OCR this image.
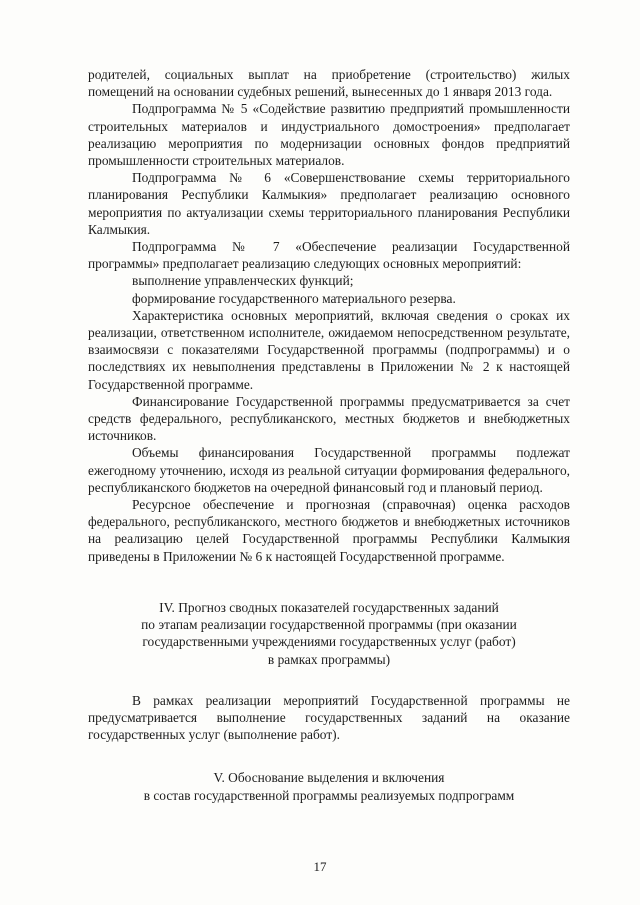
родителей, социальных выплат на приобретение (строительство) жилых помещений на основании судебных решений, вынесенных до 1 января 2013 года.

Подпрограмма № 5 «Содействие развитию предприятий промышленности строительных материалов и индустриального домостроения» предполагает реализацию мероприятия по модернизации основных фондов предприятий промышленности строительных материалов.

Подпрограмма № 6 «Совершенствование схемы территориального планирования Республики Калмыкия» предполагает реализацию основного мероприятия по актуализации схемы территориального планирования Республики Калмыкия.

Подпрограмма № 7 «Обеспечение реализации Государственной программы» предполагает реализацию следующих основных мероприятий:

выполнение управленческих функций;

формирование государственного материального резерва.

Характеристика основных мероприятий, включая сведения о сроках их реализации, ответственном исполнителе, ожидаемом непосредственном результате, взаимосвязи с показателями Государственной программы (подпрограммы) и о последствиях их невыполнения представлены в Приложении № 2 к настоящей Государственной программе.

Финансирование Государственной программы предусматривается за счет средств федерального, республиканского, местных бюджетов и внебюджетных источников.

Объемы финансирования Государственной программы подлежат ежегодному уточнению, исходя из реальной ситуации формирования федерального, республиканского бюджетов на очередной финансовый год и плановый период.

Ресурсное обеспечение и прогнозная (справочная) оценка расходов федерального, республиканского, местного бюджетов и внебюджетных источников на реализацию целей Государственной программы Республики Калмыкия приведены в Приложении № 6 к настоящей Государственной программе.

IV. Прогноз сводных показателей государственных заданий

по этапам реализации государственной программы (при оказании

государственными учреждениями государственных услуг (работ)

в рамках программы)

В рамках реализации мероприятий Государственной программы не предусматривается выполнение государственных заданий на оказание государственных услуг (выполнение работ).

V. Обоснование выделения и включения

в состав государственной программы реализуемых подпрограмм

17
